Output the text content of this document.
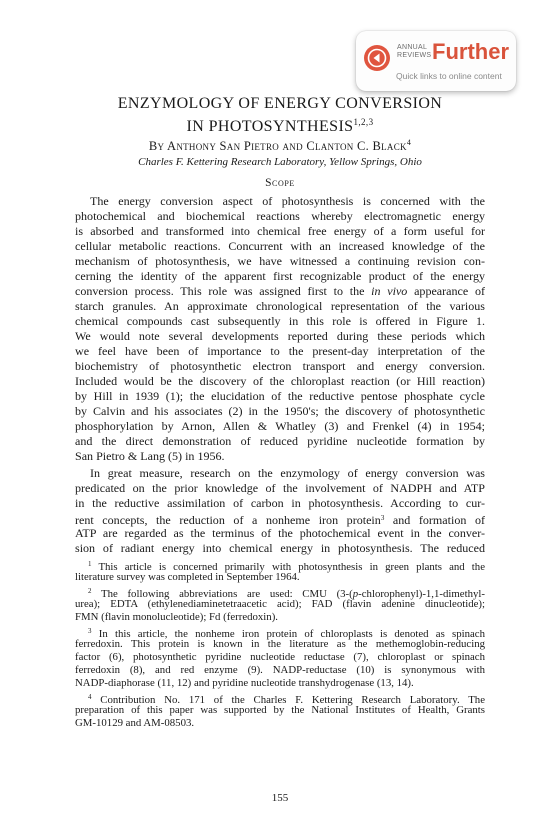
ANNUAL
REVIEWS Further
Quick links to online content
ENZYMOLOGY OF ENERGY CONVERSION
IN PHOTOSYNTHESIS$^{1,2,3}$
By Anthony San Pietro and Clanton C. Black$^4$
Charles F. Kettering Research Laboratory, Yellow Springs, Ohio
Scope
The energy conversion aspect of photosynthesis is concerned with the
photochemical and biochemical reactions whereby electromagnetic energy
is absorbed and transformed into chemical free energy of a form useful for
cellular metabolic reactions. Concurrent with an increased knowledge of the
mechanism of photosynthesis, we have witnessed a continuing revision con-
cerning the identity of the apparent first recognizable product of the energy
conversion process. This role was assigned first to the in vivo appearance of
starch granules. An approximate chronological representation of the various
chemical compounds cast subsequently in this role is offered in Figure 1.
We would note several developments reported during these periods which
we feel have been of importance to the present-day interpretation of the
biochemistry of photosynthetic electron transport and energy conversion.
Included would be the discovery of the chloroplast reaction (or Hill reaction)
by Hill in 1939 (1); the elucidation of the reductive pentose phosphate cycle
by Calvin and his associates (2) in the 1950's; the discovery of photosynthetic
phosphorylation by Arnon, Allen & Whatley (3) and Frenkel (4) in 1954;
and the direct demonstration of reduced pyridine nucleotide formation by
San Pietro & Lang (5) in 1956.
In great measure, research on the enzymology of energy conversion was
predicated on the prior knowledge of the involvement of NADPH and ATP
in the reductive assimilation of carbon in photosynthesis. According to cur-
rent concepts, the reduction of a nonheme iron protein$^3$ and formation of
ATP are regarded as the terminus of the photochemical event in the conver-
sion of radiant energy into chemical energy in photosynthesis. The reduced
$^1$ This article is concerned primarily with photosynthesis in green plants and the
literature survey was completed in September 1964.
$^2$ The following abbreviations are used: CMU (3-(p-chlorophenyl)-1,1-dimethyl-
urea); EDTA (ethylenediaminetetraacetic acid); FAD (flavin adenine dinucleotide);
FMN (flavin monolucleotide); Fd (ferredoxin).
$^3$ In this article, the nonheme iron protein of chloroplasts is denoted as spinach
ferredoxin. This protein is known in the literature as the methemoglobin-reducing
factor (6), photosynthetic pyridine nucleotide reductase (7), chloroplast or spinach
ferredoxin (8), and red enzyme (9). NADP-reductase (10) is synonymous with
NADP-diaphorase (11, 12) and pyridine nucleotide transhydrogenase (13, 14).
$^4$ Contribution No. 171 of the Charles F. Kettering Research Laboratory. The
preparation of this paper was supported by the National Institutes of Health, Grants
GM-10129 and AM-08503.
155
